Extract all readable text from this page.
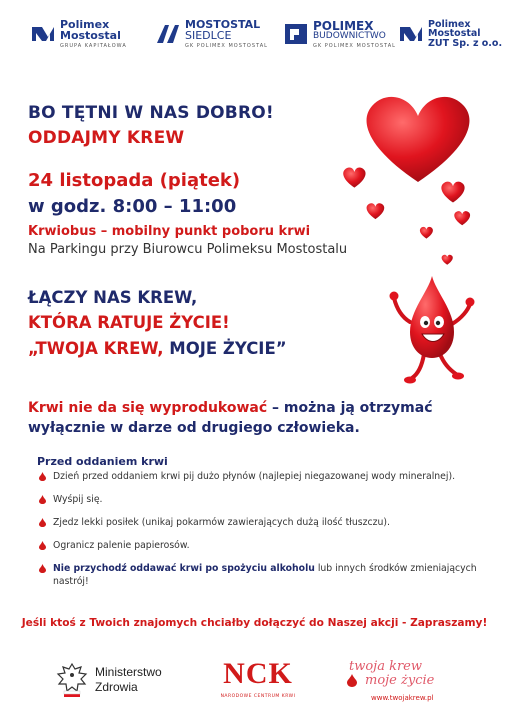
Polimex
Mostostal
GRUPA KAPITAŁOWA
MOSTOSTAL
SIEDLCE
GK POLIMEX MOSTOSTAL
POLIMEX
BUDOWNICTWO
GK POLIMEX MOSTOSTAL
Polimex
Mostostal
ZUT Sp. z o.o.
BO TĘTNI W NAS DOBRO!
ODDAJMY KREW
24 listopada (piątek)
w godz. 8:00 – 11:00
Krwiobus – mobilny punkt poboru krwi
Na Parkingu przy Biurowcu Polimeksu Mostostalu
ŁĄCZY NAS KREW,
KTÓRA RATUJE ŻYCIE!
„TWOJA KREW, MOJE ŻYCIE”
Krwi nie da się wyprodukować – można ją otrzymać
wyłącznie w darze od drugiego człowieka.
Przed oddaniem krwi
Dzień przed oddaniem krwi pij dużo płynów (najlepiej niegazowanej wody mineralnej).
Wyśpij się.
Zjedz lekki posiłek (unikaj pokarmów zawierających dużą ilość tłuszczu).
Ogranicz palenie papierosów.
Nie przychodź oddawać krwi po spożyciu alkoholu lub innych środków zmieniających nastrój!
Jeśli ktoś z Twoich znajomych chciałby dołączyć do Naszej akcji - Zapraszamy!
Ministerstwo
Zdrowia	NCK
NARODOWE CENTRUM KRWI
twoja krew
moje życie
www.twojakrew.pl
